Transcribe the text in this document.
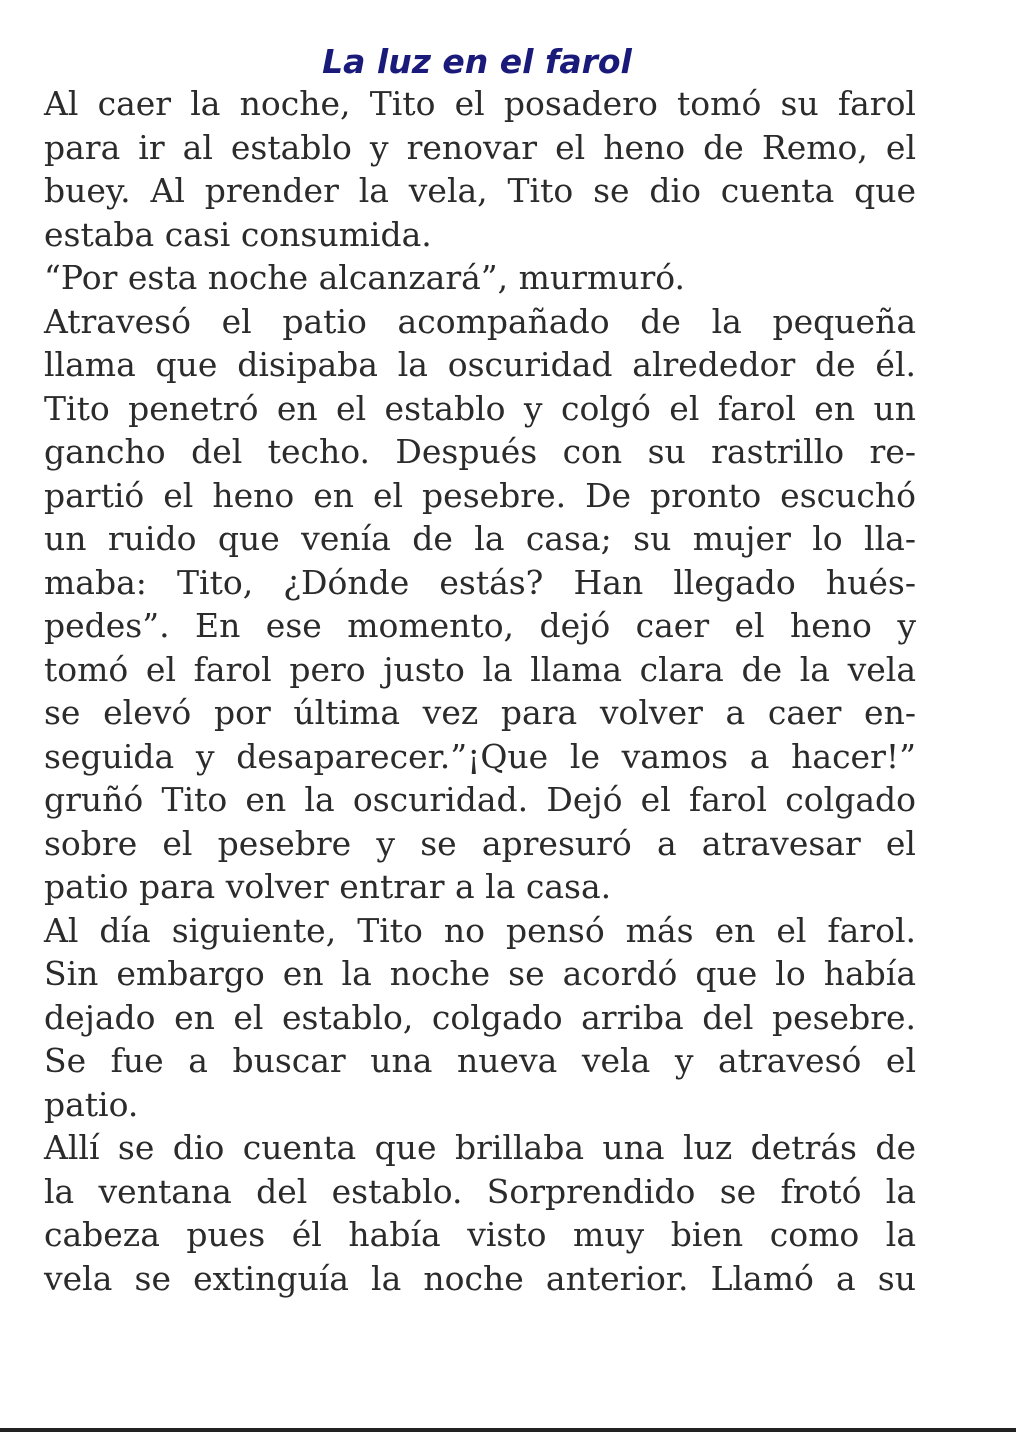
La luz en el farol
Al caer la noche, Tito el posadero tomó su farol
para ir al establo y renovar el heno de Remo, el
buey. Al prender la vela, Tito se dio cuenta que
estaba casi consumida.
“Por esta noche alcanzará”, murmuró.
Atravesó el patio acompañado de la pequeña
llama que disipaba la oscuridad alrededor de él.
Tito penetró en el establo y colgó el farol en un
gancho del techo. Después con su rastrillo re-
partió el heno en el pesebre. De pronto escuchó
un ruido que venía de la casa; su mujer lo lla-
maba: Tito, ¿Dónde estás? Han llegado hués-
pedes”. En ese momento, dejó caer el heno y
tomó el farol pero justo la llama clara de la vela
se elevó por última vez para volver a caer en-
seguida y desaparecer.”¡Que le vamos a hacer!”
gruñó Tito en la oscuridad. Dejó el farol colgado
sobre el pesebre y se apresuró a atravesar el
patio para volver entrar a la casa.
Al día siguiente, Tito no pensó más en el farol.
Sin embargo en la noche se acordó que lo había
dejado en el establo, colgado arriba del pesebre.
Se fue a buscar una nueva vela y atravesó el
patio.
Allí se dio cuenta que brillaba una luz detrás de
la ventana del establo. Sorprendido se frotó la
cabeza pues él había visto muy bien como la
vela se extinguía la noche anterior. Llamó a su
